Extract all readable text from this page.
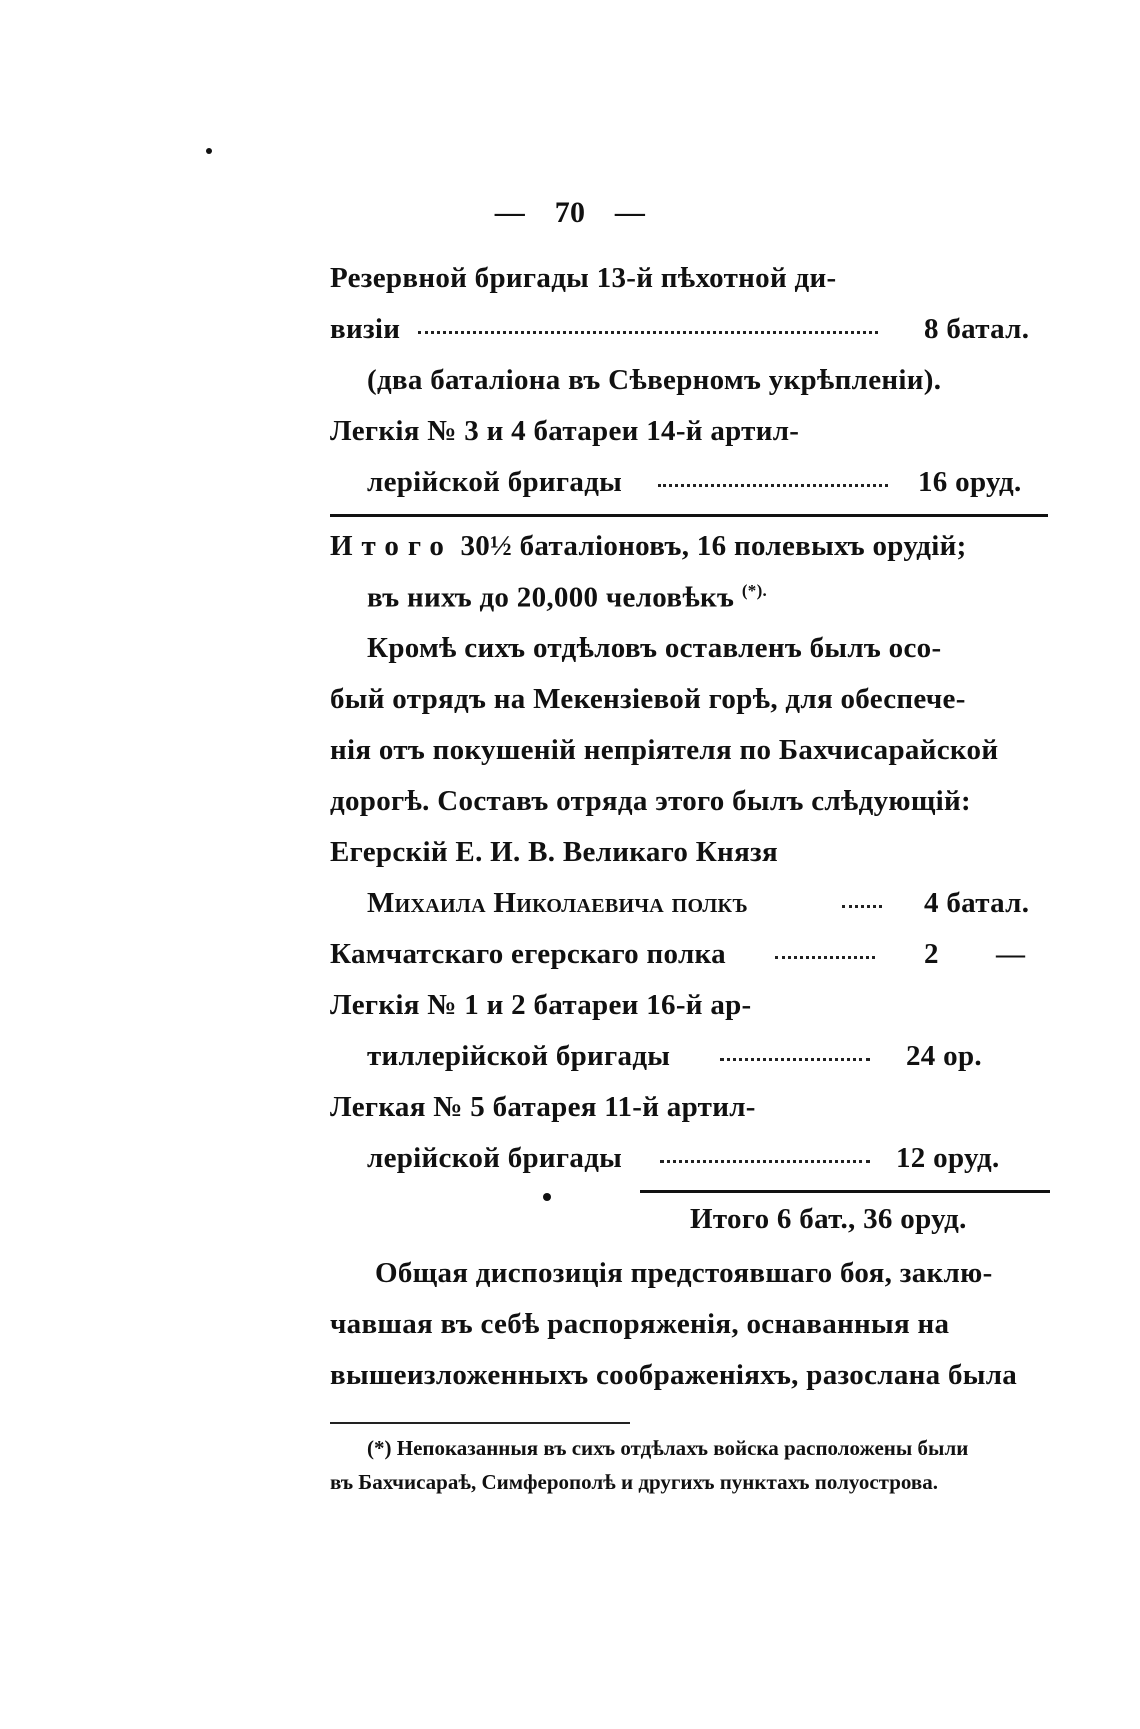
— 70 —
Резервной бригады 13-й пѣхотной ди-
визіи	8 батал.
(два баталіона въ Сѣверномъ укрѣпленіи).
Легкія № 3 и 4 батареи 14-й артил-
лерійской бригады	16 оруд.
Итого 30½ баталіоновъ, 16 полевыхъ орудій;
въ нихъ до 20,000 человѣкъ (*).
Кромѣ сихъ отдѣловъ оставленъ былъ осо-
бый отрядъ на Мекензіевой горѣ, для обеспече-
нія отъ покушеній непріятеля по Бахчисарайской
дорогѣ. Составъ отряда этого былъ слѣдующій:
Егерскій Е. И. В. Великаго Князя
Михаила Николаевича полкъ	4 батал.
Камчатскаго егерскаго полка	2 —
Легкія № 1 и 2 батареи 16-й ар-
тиллерійской бригады	24 ор.
Легкая № 5 батарея 11-й артил-
лерійской бригады	12 оруд.
Итого 6 бат., 36 оруд.
Общая диспозиція предстоявшаго боя, заклю-
чавшая въ себѣ распоряженія, оснаванныя на
вышеизложенныхъ соображеніяхъ, разослана была
(*) Непоказанныя въ сихъ отдѣлахъ войска расположены были
въ Бахчисараѣ, Симферополѣ и другихъ пунктахъ полуострова.
